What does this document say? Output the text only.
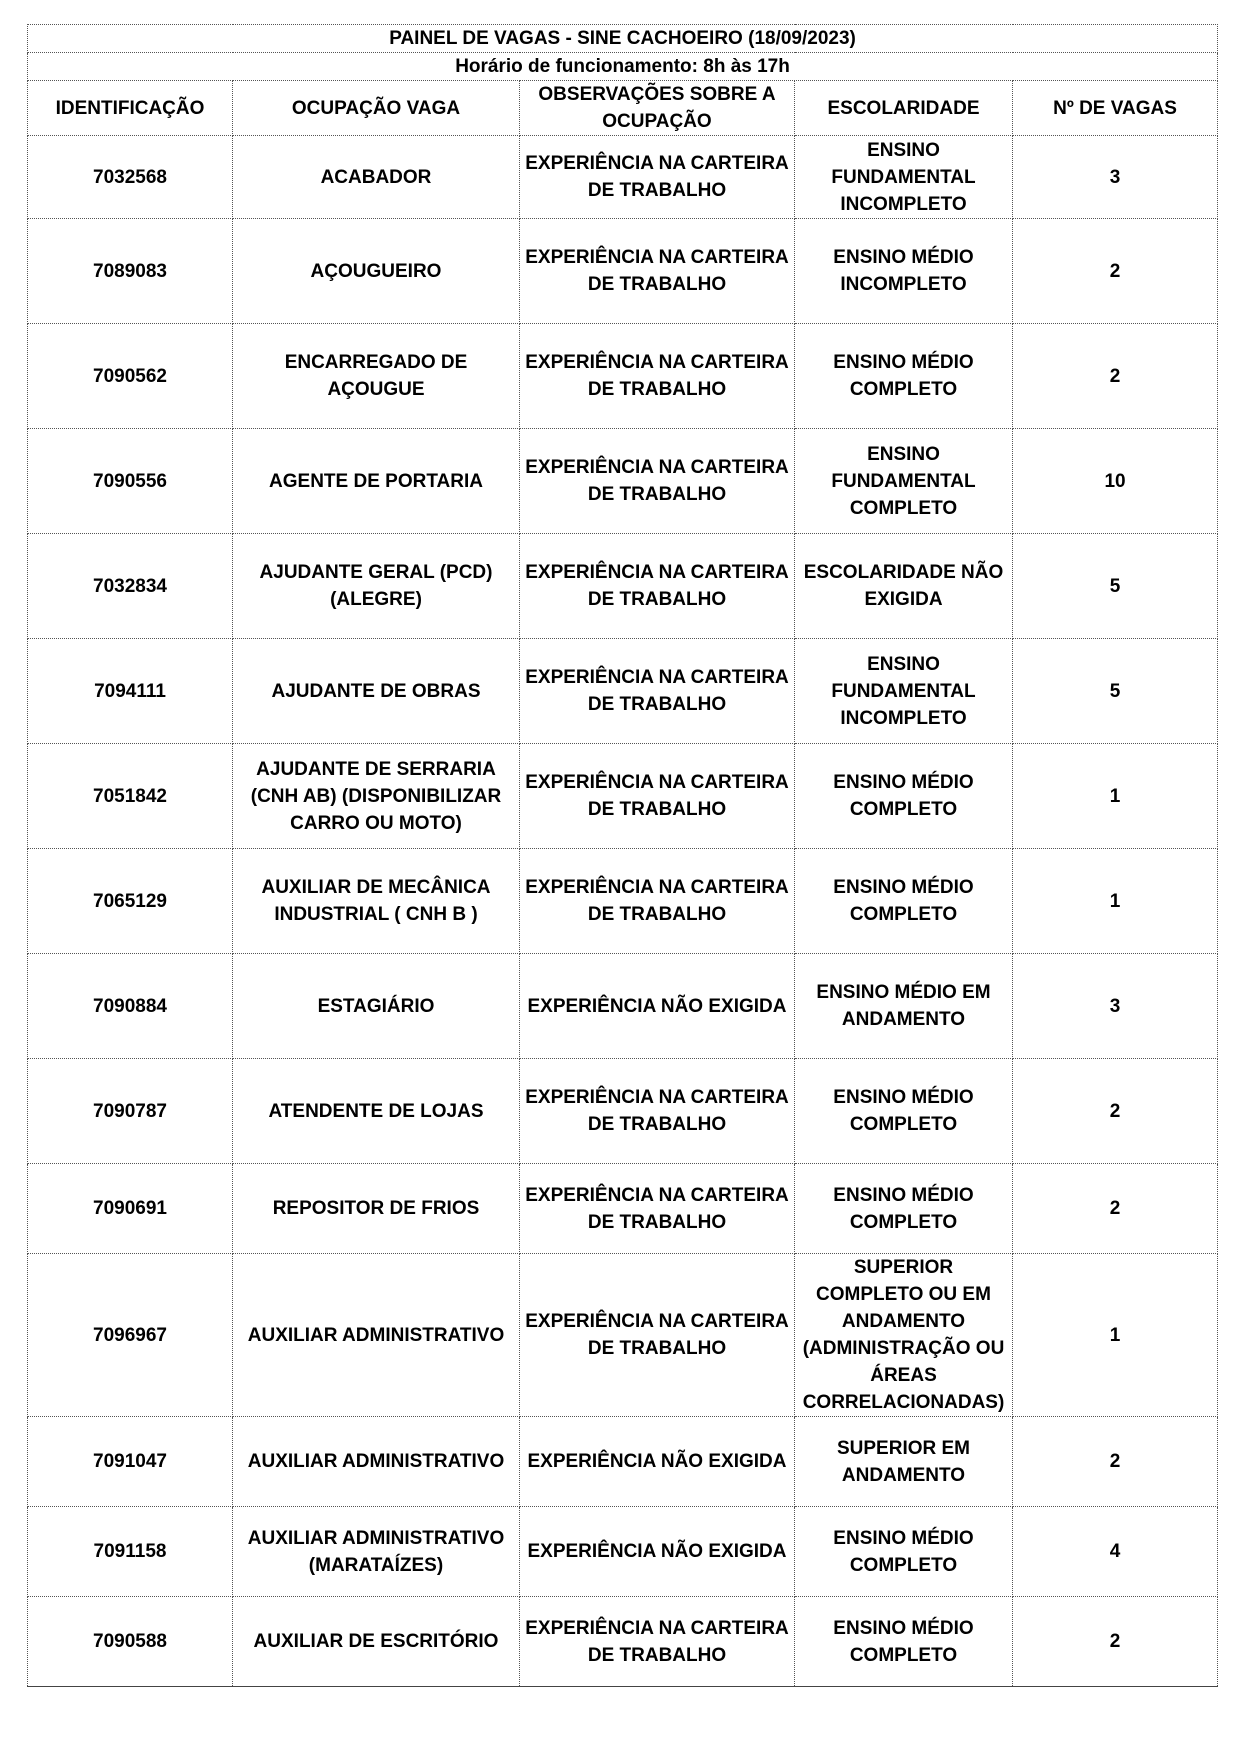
PAINEL DE VAGAS - SINE CACHOEIRO (18/09/2023)				
Horário de funcionamento: 8h às 17h				
IDENTIFICAÇÃO	OCUPAÇÃO VAGA	OBSERVAÇÕES SOBRE A OCUPAÇÃO	ESCOLARIDADE	Nº DE VAGAS
7032568	ACABADOR	EXPERIÊNCIA NA CARTEIRA DE TRABALHO	ENSINO FUNDAMENTAL INCOMPLETO	3
7089083	AÇOUGUEIRO	EXPERIÊNCIA NA CARTEIRA DE TRABALHO	ENSINO MÉDIO INCOMPLETO	2
7090562	ENCARREGADO DE AÇOUGUE	EXPERIÊNCIA NA CARTEIRA DE TRABALHO	ENSINO MÉDIO COMPLETO	2
7090556	AGENTE DE PORTARIA	EXPERIÊNCIA NA CARTEIRA DE TRABALHO	ENSINO FUNDAMENTAL COMPLETO	10
7032834	AJUDANTE GERAL (PCD) (ALEGRE)	EXPERIÊNCIA NA CARTEIRA DE TRABALHO	ESCOLARIDADE NÃO EXIGIDA	5
7094111	AJUDANTE DE OBRAS	EXPERIÊNCIA NA CARTEIRA DE TRABALHO	ENSINO FUNDAMENTAL INCOMPLETO	5
7051842	AJUDANTE DE SERRARIA (CNH AB) (DISPONIBILIZAR CARRO OU MOTO)	EXPERIÊNCIA NA CARTEIRA DE TRABALHO	ENSINO MÉDIO COMPLETO	1
7065129	AUXILIAR DE MECÂNICA INDUSTRIAL ( CNH B )	EXPERIÊNCIA NA CARTEIRA DE TRABALHO	ENSINO MÉDIO COMPLETO	1
7090884	ESTAGIÁRIO	EXPERIÊNCIA NÃO EXIGIDA	ENSINO MÉDIO EM ANDAMENTO	3
7090787	ATENDENTE DE LOJAS	EXPERIÊNCIA NA CARTEIRA DE TRABALHO	ENSINO MÉDIO COMPLETO	2
7090691	REPOSITOR DE FRIOS	EXPERIÊNCIA NA CARTEIRA DE TRABALHO	ENSINO MÉDIO COMPLETO	2
7096967	AUXILIAR ADMINISTRATIVO	EXPERIÊNCIA NA CARTEIRA DE TRABALHO	SUPERIOR COMPLETO OU EM ANDAMENTO (ADMINISTRAÇÃO OU ÁREAS CORRELACIONADAS)	1
7091047	AUXILIAR ADMINISTRATIVO	EXPERIÊNCIA NÃO EXIGIDA	SUPERIOR EM ANDAMENTO	2
7091158	AUXILIAR ADMINISTRATIVO (MARATAÍZES)	EXPERIÊNCIA NÃO EXIGIDA	ENSINO MÉDIO COMPLETO	4
7090588	AUXILIAR DE ESCRITÓRIO	EXPERIÊNCIA NA CARTEIRA DE TRABALHO	ENSINO MÉDIO COMPLETO	2
